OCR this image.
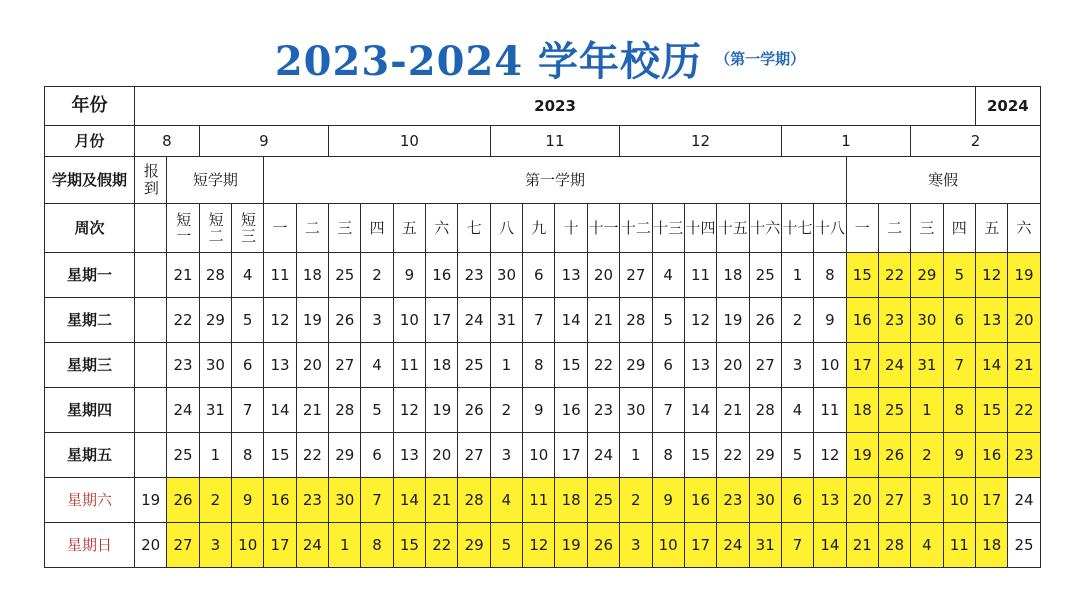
2023-2024 学年校历 （第一学期）
年份	2023																										2024	
月份	8		9				10					11				12					1				2			
学期及假期	报到	短学期			第一学期																		寒假					
周次		短一	短二	短三	一	二	三	四	五	六	七	八	九	十	十一	十二	十三	十四	十五	十六	十七	十八	一	二	三	四	五	六
星期一		21	28	4	11	18	25	2	9	16	23	30	6	13	20	27	4	11	18	25	1	8	15	22	29	5	12	19
星期二		22	29	5	12	19	26	3	10	17	24	31	7	14	21	28	5	12	19	26	2	9	16	23	30	6	13	20
星期三		23	30	6	13	20	27	4	11	18	25	1	8	15	22	29	6	13	20	27	3	10	17	24	31	7	14	21
星期四		24	31	7	14	21	28	5	12	19	26	2	9	16	23	30	7	14	21	28	4	11	18	25	1	8	15	22
星期五		25	1	8	15	22	29	6	13	20	27	3	10	17	24	1	8	15	22	29	5	12	19	26	2	9	16	23
星期六	19	26	2	9	16	23	30	7	14	21	28	4	11	18	25	2	9	16	23	30	6	13	20	27	3	10	17	24
星期日	20	27	3	10	17	24	1	8	15	22	29	5	12	19	26	3	10	17	24	31	7	14	21	28	4	11	18	25
